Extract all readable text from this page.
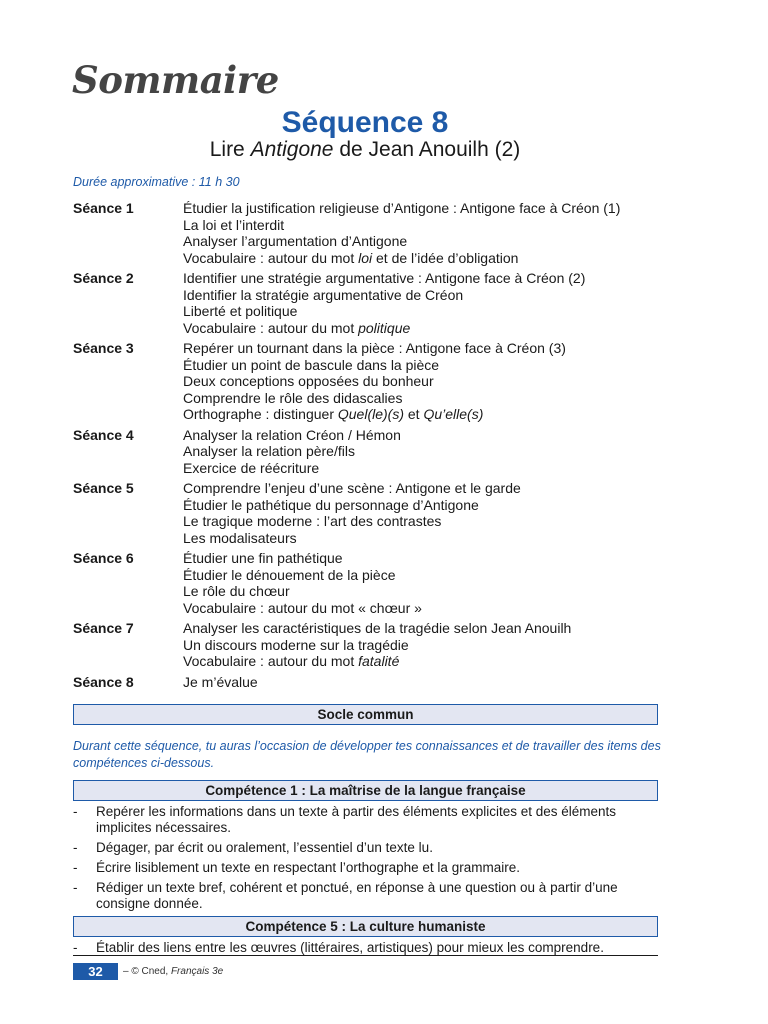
Sommaire
Séquence 8
Lire Antigone de Jean Anouilh (2)
Durée approximative : 11 h 30
Séance 1	Étudier la justification religieuse d’Antigone : Antigone face à Créon (1)
La loi et l’interdit
Analyser l’argumentation d’Antigone
Vocabulaire : autour du mot loi et de l’idée d’obligation
Séance 2	Identifier une stratégie argumentative : Antigone face à Créon (2)
Identifier la stratégie argumentative de Créon
Liberté et politique
Vocabulaire : autour du mot politique
Séance 3	Repérer un tournant dans la pièce : Antigone face à Créon (3)
Étudier un point de bascule dans la pièce
Deux conceptions opposées du bonheur
Comprendre le rôle des didascalies
Orthographe : distinguer Quel(le)(s) et Qu’elle(s)
Séance 4	Analyser la relation Créon / Hémon
Analyser la relation père/fils
Exercice de réécriture
Séance 5	Comprendre l’enjeu d’une scène : Antigone et le garde
Étudier le pathétique du personnage d’Antigone
Le tragique moderne : l’art des contrastes
Les modalisateurs
Séance 6	Étudier une fin pathétique
Étudier le dénouement de la pièce
Le rôle du chœur
Vocabulaire : autour du mot « chœur »
Séance 7	Analyser les caractéristiques de la tragédie selon Jean Anouilh
Un discours moderne sur la tragédie
Vocabulaire : autour du mot fatalité
Séance 8	Je m’évalue
Socle commun
Durant cette séquence, tu auras l’occasion de développer tes connaissances et de travailler des items des compétences ci-dessous.
Compétence 1 : La maîtrise de la langue française
-	Repérer les informations dans un texte à partir des éléments explicites et des éléments implicites nécessaires.
-	Dégager, par écrit ou oralement, l’essentiel d’un texte lu.
-	Écrire lisiblement un texte en respectant l’orthographe et la grammaire.
-	Rédiger un texte bref, cohérent et ponctué, en réponse à une question ou à partir d’une consigne donnée.
Compétence 5 : La culture humaniste
-	Établir des liens entre les œuvres (littéraires, artistiques) pour mieux les comprendre.
32	– © Cned, Français 3e
